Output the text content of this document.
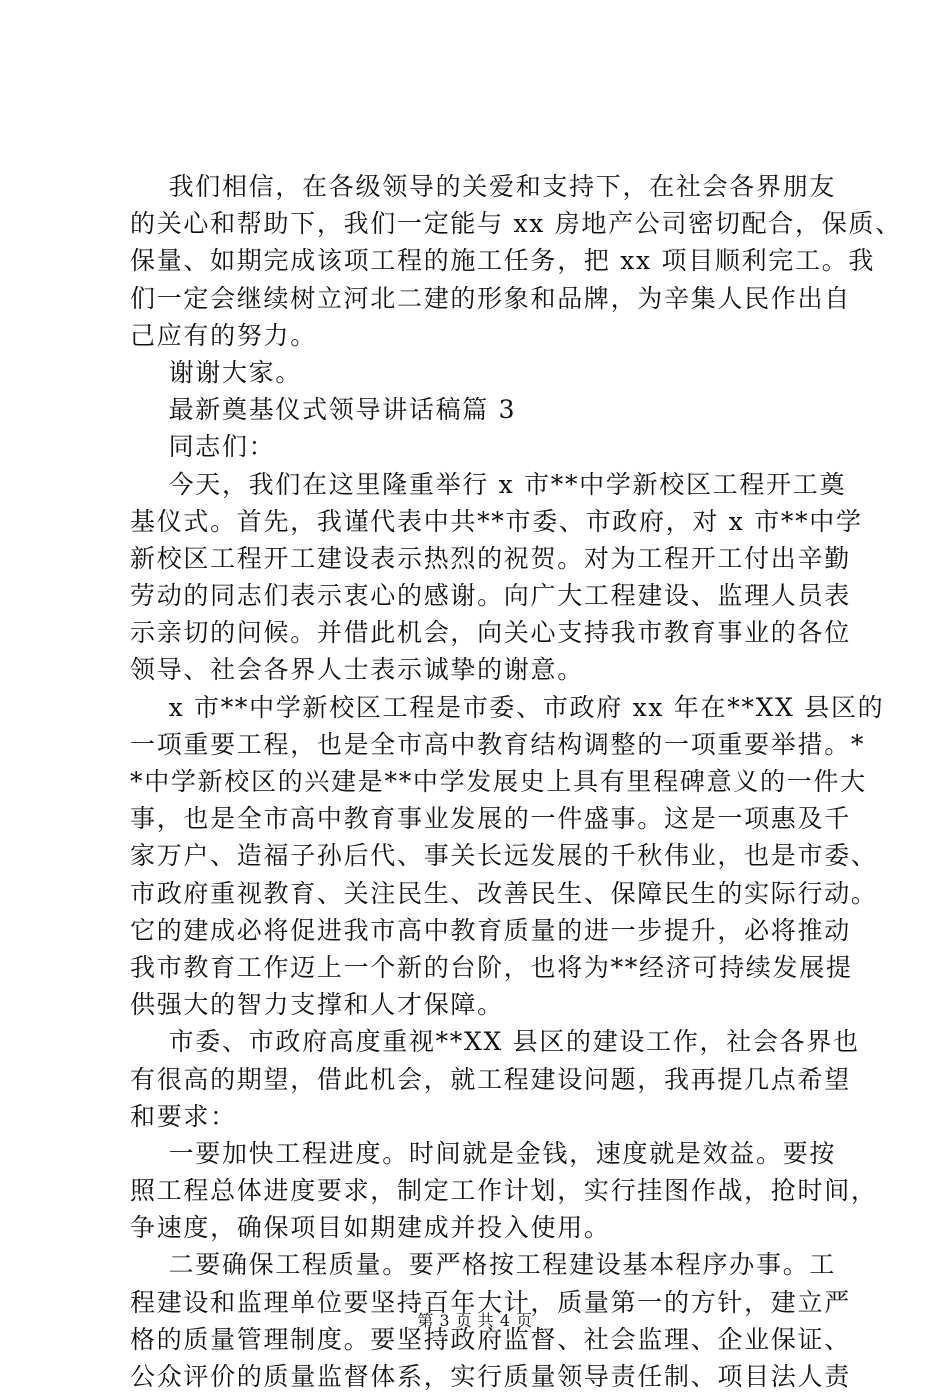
我们相信，在各级领导的关爱和支持下，在社会各界朋友
的关心和帮助下，我们一定能与 xx 房地产公司密切配合，保质、
保量、如期完成该项工程的施工任务，把 xx 项目顺利完工。我
们一定会继续树立河北二建的形象和品牌，为辛集人民作出自
己应有的努力。
谢谢大家。
最新奠基仪式领导讲话稿篇 3
同志们：
今天，我们在这里隆重举行 x 市**中学新校区工程开工奠
基仪式。首先，我谨代表中共**市委、市政府，对 x 市**中学
新校区工程开工建设表示热烈的祝贺。对为工程开工付出辛勤
劳动的同志们表示衷心的感谢。向广大工程建设、监理人员表
示亲切的问候。并借此机会，向关心支持我市教育事业的各位
领导、社会各界人士表示诚挚的谢意。
x 市**中学新校区工程是市委、市政府 xx 年在**XX 县区的
一项重要工程，也是全市高中教育结构调整的一项重要举措。*
*中学新校区的兴建是**中学发展史上具有里程碑意义的一件大
事，也是全市高中教育事业发展的一件盛事。这是一项惠及千
家万户、造福子孙后代、事关长远发展的千秋伟业，也是市委、
市政府重视教育、关注民生、改善民生、保障民生的实际行动。
它的建成必将促进我市高中教育质量的进一步提升，必将推动
我市教育工作迈上一个新的台阶，也将为**经济可持续发展提
供强大的智力支撑和人才保障。
市委、市政府高度重视**XX 县区的建设工作，社会各界也
有很高的期望，借此机会，就工程建设问题，我再提几点希望
和要求：
一要加快工程进度。时间就是金钱，速度就是效益。要按
照工程总体进度要求，制定工作计划，实行挂图作战，抢时间，
争速度，确保项目如期建成并投入使用。
二要确保工程质量。要严格按工程建设基本程序办事。工
程建设和监理单位要坚持百年大计，质量第一的方针，建立严
格的质量管理制度。要坚持政府监督、社会监理、企业保证、
公众评价的质量监督体系，实行质量领导责任制、项目法人责
第 3 页 共 4 页
